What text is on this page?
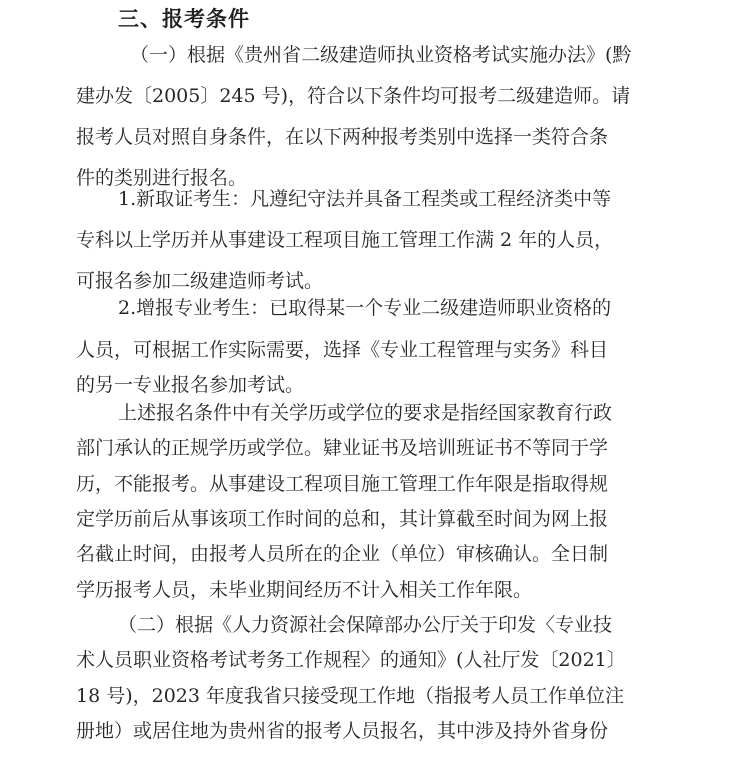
三、报考条件
（一）根据《贵州省二级建造师执业资格考试实施办法》(黔
建办发〔2005〕245 号)，符合以下条件均可报考二级建造师。请
报考人员对照自身条件，在以下两种报考类别中选择一类符合条
件的类别进行报名。
1.新取证考生：凡遵纪守法并具备工程类或工程经济类中等
专科以上学历并从事建设工程项目施工管理工作满 2 年的人员，
可报名参加二级建造师考试。
2.增报专业考生：已取得某一个专业二级建造师职业资格的
人员，可根据工作实际需要，选择《专业工程管理与实务》科目
的另一专业报名参加考试。
上述报名条件中有关学历或学位的要求是指经国家教育行政
部门承认的正规学历或学位。肄业证书及培训班证书不等同于学
历，不能报考。从事建设工程项目施工管理工作年限是指取得规
定学历前后从事该项工作时间的总和，其计算截至时间为网上报
名截止时间，由报考人员所在的企业（单位）审核确认。全日制
学历报考人员，未毕业期间经历不计入相关工作年限。
（二）根据《人力资源社会保障部办公厅关于印发〈专业技
术人员职业资格考试考务工作规程〉的通知》(人社厅发〔2021〕
18 号)，2023 年度我省只接受现工作地（指报考人员工作单位注
册地）或居住地为贵州省的报考人员报名，其中涉及持外省身份
